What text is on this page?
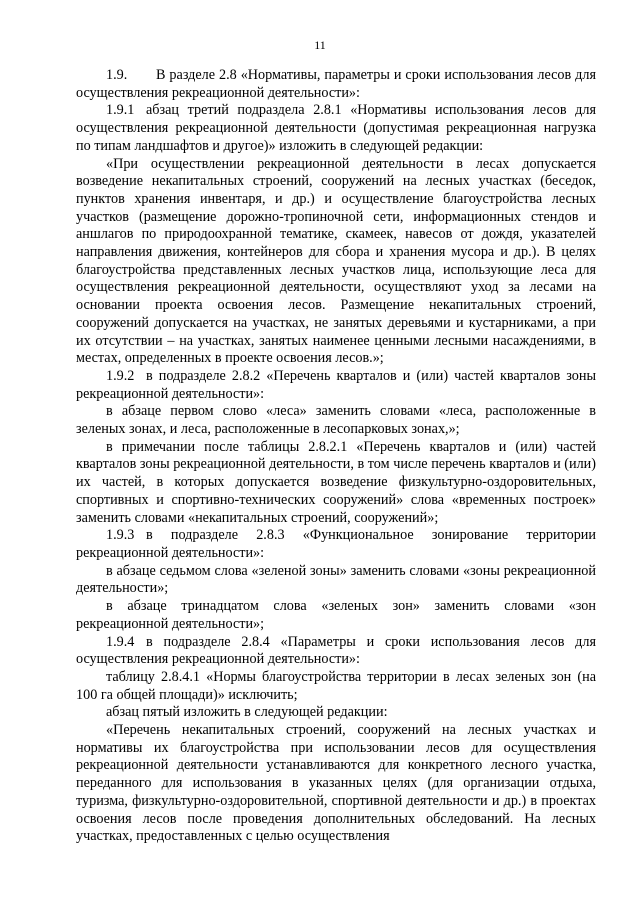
11

1.9. В разделе 2.8 «Нормативы, параметры и сроки использования лесов для осуществления рекреационной деятельности»:

1.9.1 абзац третий подраздела 2.8.1 «Нормативы использования лесов для осуществления рекреационной деятельности (допустимая рекреационная нагрузка по типам ландшафтов и другое)» изложить в следующей редакции:

«При осуществлении рекреационной деятельности в лесах допускается возведение некапитальных строений, сооружений на лесных участках (беседок, пунктов хранения инвентаря, и др.) и осуществление благоустройства лесных участков (размещение дорожно-тропиночной сети, информационных стендов и аншлагов по природоохранной тематике, скамеек, навесов от дождя, указателей направления движения, контейнеров для сбора и хранения мусора и др.). В целях благоустройства представленных лесных участков лица, использующие леса для осуществления рекреационной деятельности, осуществляют уход за лесами на основании проекта освоения лесов. Размещение некапитальных строений, сооружений допускается на участках, не занятых деревьями и кустарниками, а при их отсутствии – на участках, занятых наименее ценными лесными насаждениями, в местах, определенных в проекте освоения лесов.»;

1.9.2 в подразделе 2.8.2 «Перечень кварталов и (или) частей кварталов зоны рекреационной деятельности»:

в абзаце первом слово «леса» заменить словами «леса, расположенные в зеленых зонах, и леса, расположенные в лесопарковых зонах,»;

в примечании после таблицы 2.8.2.1 «Перечень кварталов и (или) частей кварталов зоны рекреационной деятельности, в том числе перечень кварталов и (или) их частей, в которых допускается возведение физкультурно-оздоровительных, спортивных и спортивно-технических сооружений» слова «временных построек» заменить словами «некапитальных строений, сооружений»;

1.9.3 в подразделе 2.8.3 «Функциональное зонирование территории рекреационной деятельности»:

в абзаце седьмом слова «зеленой зоны» заменить словами «зоны рекреационной деятельности»;

в абзаце тринадцатом слова «зеленых зон» заменить словами «зон рекреационной деятельности»;

1.9.4 в подразделе 2.8.4 «Параметры и сроки использования лесов для осуществления рекреационной деятельности»:

таблицу 2.8.4.1 «Нормы благоустройства территории в лесах зеленых зон (на 100 га общей площади)» исключить;

абзац пятый изложить в следующей редакции:

«Перечень некапитальных строений, сооружений на лесных участках и нормативы их благоустройства при использовании лесов для осуществления рекреационной деятельности устанавливаются для конкретного лесного участка, переданного для использования в указанных целях (для организации отдыха, туризма, физкультурно-оздоровительной, спортивной деятельности и др.) в проектах освоения лесов после проведения дополнительных обследований. На лесных участках, предоставленных с целью осуществления
